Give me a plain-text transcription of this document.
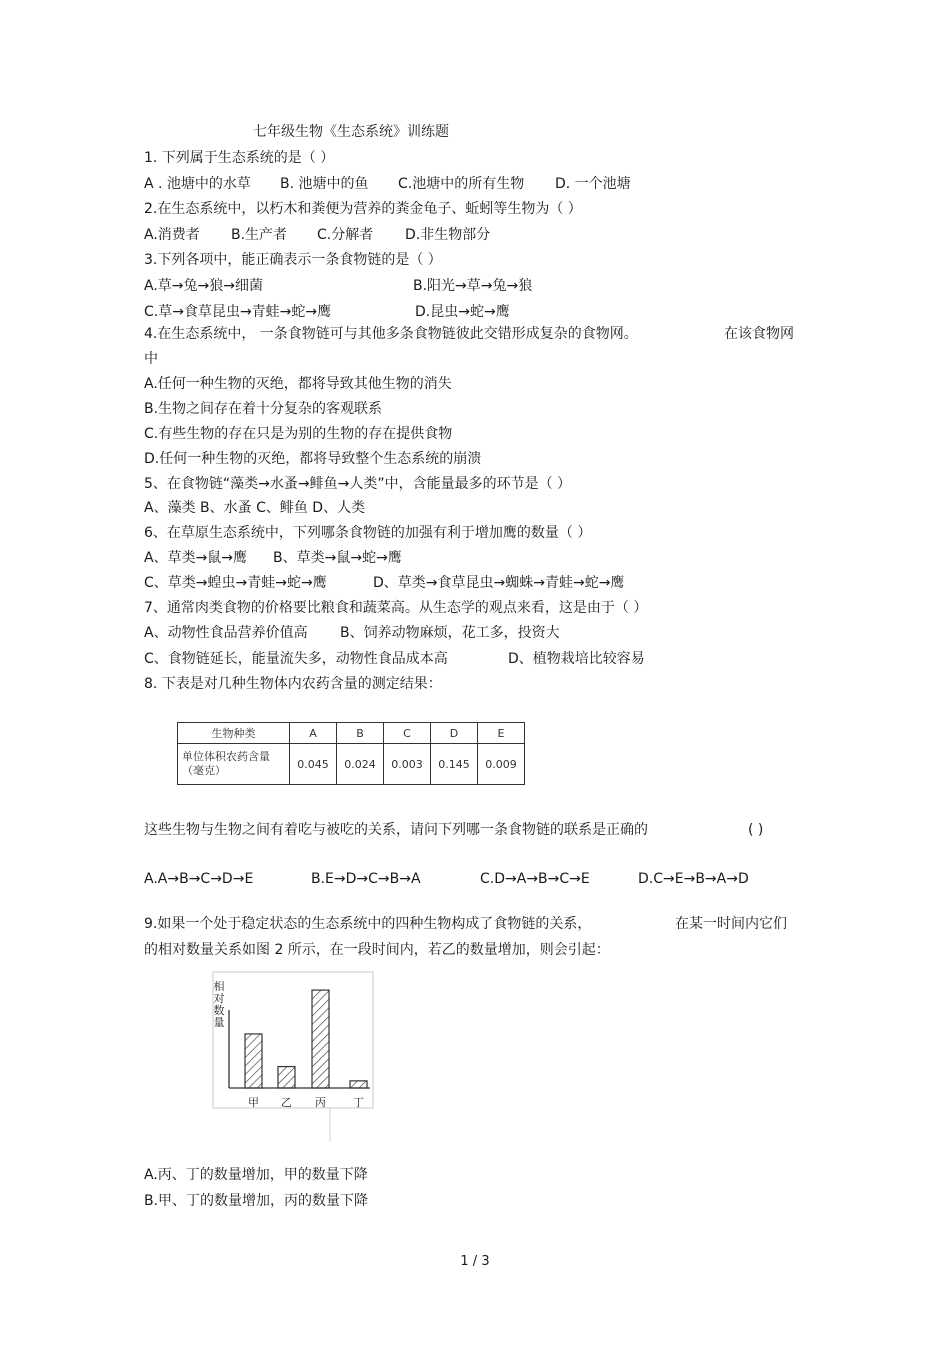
七年级生物《生态系统》训练题
1. 下列属于生态系统的是（ ）
A . 池塘中的水草 B. 池塘中的鱼 C.池塘中的所有生物 D. 一个池塘
2.在生态系统中，以朽木和粪便为营养的粪金龟子、蚯蚓等生物为（ ）
A.消费者 B.生产者 C.分解者 D.非生物部分
3.下列各项中，能正确表示一条食物链的是（ ）
A.草→兔→狼→细菌	B.阳光→草→兔→狼
C.草→食草昆虫→青蛙→蛇→鹰	D.昆虫→蛇→鹰
4.在生态系统中， 一条食物链可与其他多条食物链彼此交错形成复杂的食物网。	在该食物网
中
A.任何一种生物的灭绝，都将导致其他生物的消失
B.生物之间存在着十分复杂的客观联系
C.有些生物的存在只是为别的生物的存在提供食物
D.任何一种生物的灭绝，都将导致整个生态系统的崩溃
5、在食物链“藻类→水蚤→鲱鱼→人类”中，含能量最多的环节是（ ）
A、藻类 B、水蚤 C、鲱鱼 D、人类
6、在草原生态系统中，下列哪条食物链的加强有利于增加鹰的数量（ ）
A、草类→鼠→鹰 B、草类→鼠→蛇→鹰
C、草类→蝗虫→青蛙→蛇→鹰	D、草类→食草昆虫→蜘蛛→青蛙→蛇→鹰
7、通常肉类食物的价格要比粮食和蔬菜高。从生态学的观点来看，这是由于（ ）
A、动物性食品营养价值高 B、饲养动物麻烦，花工多，投资大
C、食物链延长，能量流失多，动物性食品成本高	D、植物栽培比较容易
8. 下表是对几种生物体内农药含量的测定结果：
生物种类	A	B	C	D	E

单位体积农药含量
（毫克）	0.045	0.024	0.003	0.145	0.009
这些生物与生物之间有着吃与被吃的关系，请问下列哪一条食物链的联系是正确的	( )
A.A→B→C→D→E	B.E→D→C→B→A	C.D→A→B→C→E	D.C→E→B→A→D
9.如果一个处于稳定状态的生态系统中的四种生物构成了食物链的关系，	在某一时间内它们
的相对数量关系如图 2 所示，在一段时间内，若乙的数量增加，则会引起：
相
对
数
量
甲 乙 丙 丁
A.丙、丁的数量增加，甲的数量下降
B.甲、丁的数量增加，丙的数量下降
1 / 3
